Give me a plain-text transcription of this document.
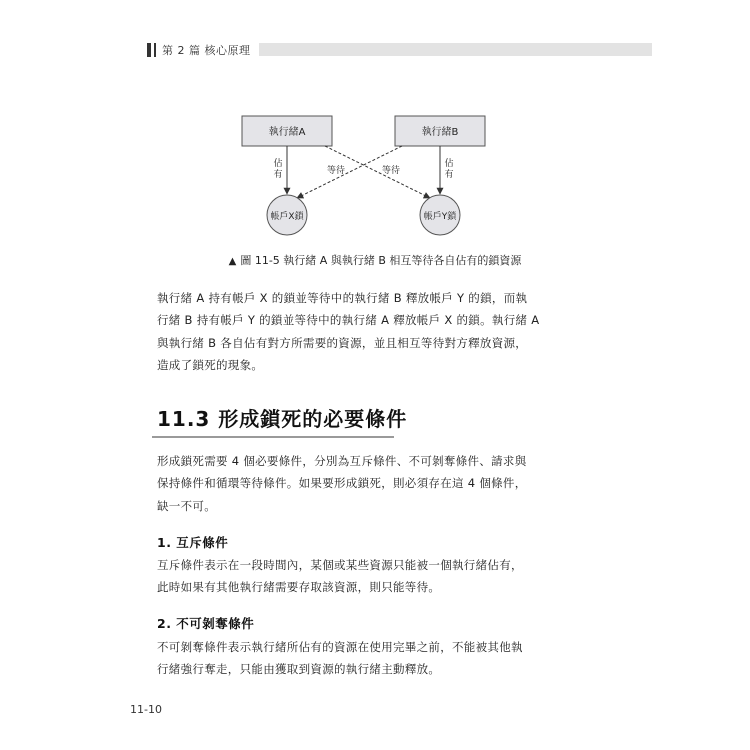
第 2 篇 核心原理
執行緒A	執行緒B
佔
有
佔
有
等待	等待
帳戶X鎖	帳戶Y鎖
▲ 圖 11-5 執行緒 A 與執行緒 B 相互等待各自佔有的鎖資源

執行緒 A 持有帳戶 X 的鎖並等待中的執行緒 B 釋放帳戶 Y 的鎖，而執

行緒 B 持有帳戶 Y 的鎖並等待中的執行緒 A 釋放帳戶 X 的鎖。執行緒 A

與執行緒 B 各自佔有對方所需要的資源，並且相互等待對方釋放資源，

造成了鎖死的現象。

11.3 形成鎖死的必要條件

形成鎖死需要 4 個必要條件，分別為互斥條件、不可剝奪條件、請求與

保持條件和循環等待條件。如果要形成鎖死，則必須存在這 4 個條件，

缺一不可。

1. 互斥條件

互斥條件表示在一段時間內，某個或某些資源只能被一個執行緒佔有，

此時如果有其他執行緒需要存取該資源，則只能等待。

2. 不可剝奪條件

不可剝奪條件表示執行緒所佔有的資源在使用完畢之前，不能被其他執

行緒強行奪走，只能由獲取到資源的執行緒主動釋放。

11-10
